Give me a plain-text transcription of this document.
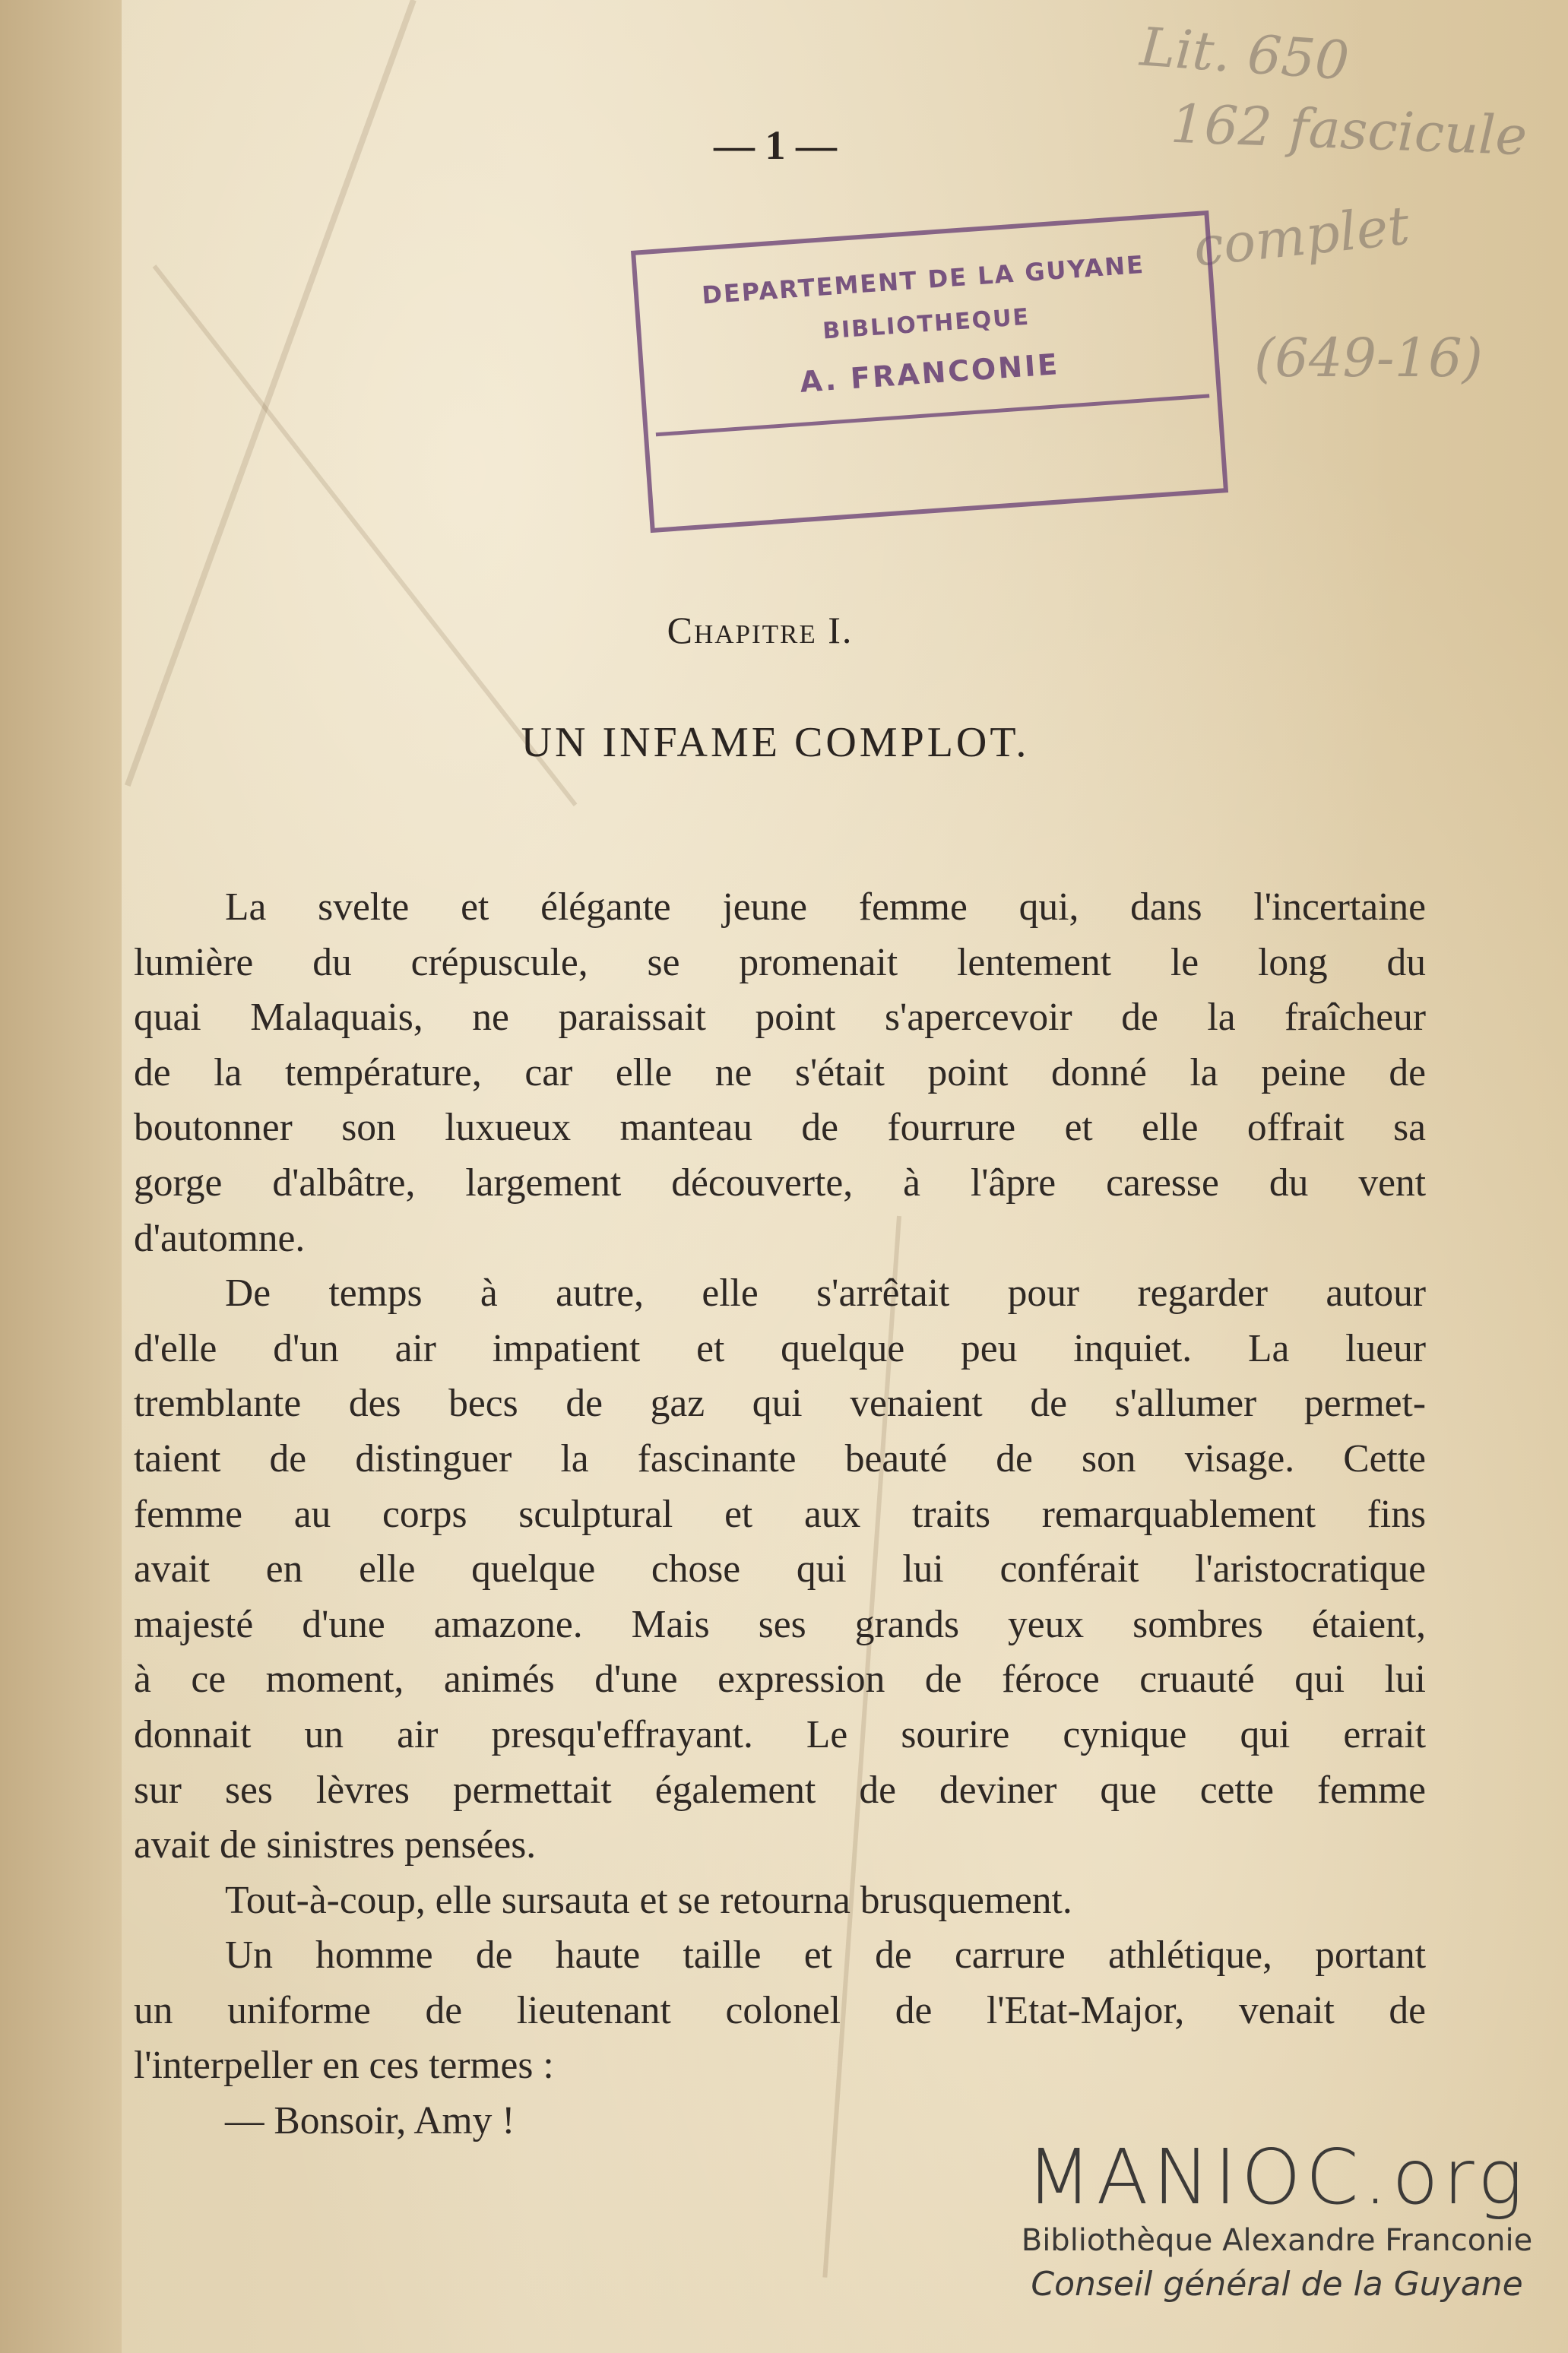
— 1 —
Lit. 650
162 fascicule
complet
(649-16)
DEPARTEMENT DE LA GUYANE
BIBLIOTHEQUE
A. FRANCONIE
Chapitre I.
UN INFAME COMPLOT.
La svelte et élégante jeune femme qui, dans l'incertaine
lumière du crépuscule, se promenait lentement le long du
quai Malaquais, ne paraissait point s'apercevoir de la fraîcheur
de la température, car elle ne s'était point donné la peine de
boutonner son luxueux manteau de fourrure et elle offrait sa
gorge d'albâtre, largement découverte, à l'âpre caresse du vent
d'automne.
De temps à autre, elle s'arrêtait pour regarder autour
d'elle d'un air impatient et quelque peu inquiet. La lueur
tremblante des becs de gaz qui venaient de s'allumer permet-
taient de distinguer la fascinante beauté de son visage. Cette
femme au corps sculptural et aux traits remarquablement fins
avait en elle quelque chose qui lui conférait l'aristocratique
majesté d'une amazone. Mais ses grands yeux sombres étaient,
à ce moment, animés d'une expression de féroce cruauté qui lui
donnait un air presqu'effrayant. Le sourire cynique qui errait
sur ses lèvres permettait également de deviner que cette femme
avait de sinistres pensées.
Tout-à-coup, elle sursauta et se retourna brusquement.
Un homme de haute taille et de carrure athlétique, portant
un uniforme de lieutenant colonel de l'Etat-Major, venait de
l'interpeller en ces termes :
— Bonsoir, Amy !
MANIOC.org
Bibliothèque Alexandre Franconie
Conseil général de la Guyane
